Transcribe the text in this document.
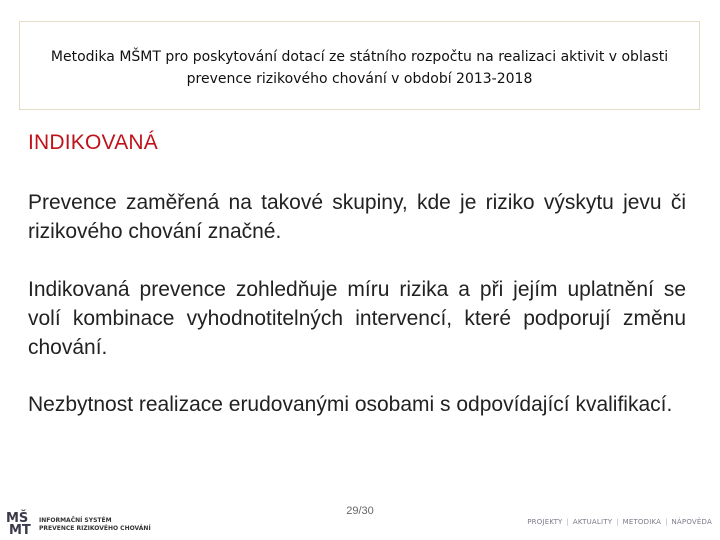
Metodika MŠMT pro poskytování dotací ze státního rozpočtu na realizaci aktivit v oblasti
prevence rizikového chování v období 2013-2018
INDIKOVANÁ

Prevence zaměřená na takové skupiny, kde je riziko výskytu jevu či rizikového chování značné.

Indikovaná prevence zohledňuje míru rizika a při jejím uplatnění se volí kombinace vyhodnotitelných intervencí, které podporují změnu chování.

Nezbytnost realizace erudovanými osobami s odpovídající kvalifikací.

29/30
MŠ
MT
INFORMAČNÍ SYSTÉM
PREVENCE RIZIKOVÉHO CHOVÁNÍ
PROJEKTY | AKTUALITY | METODIKA | NÁPOVĚDA
